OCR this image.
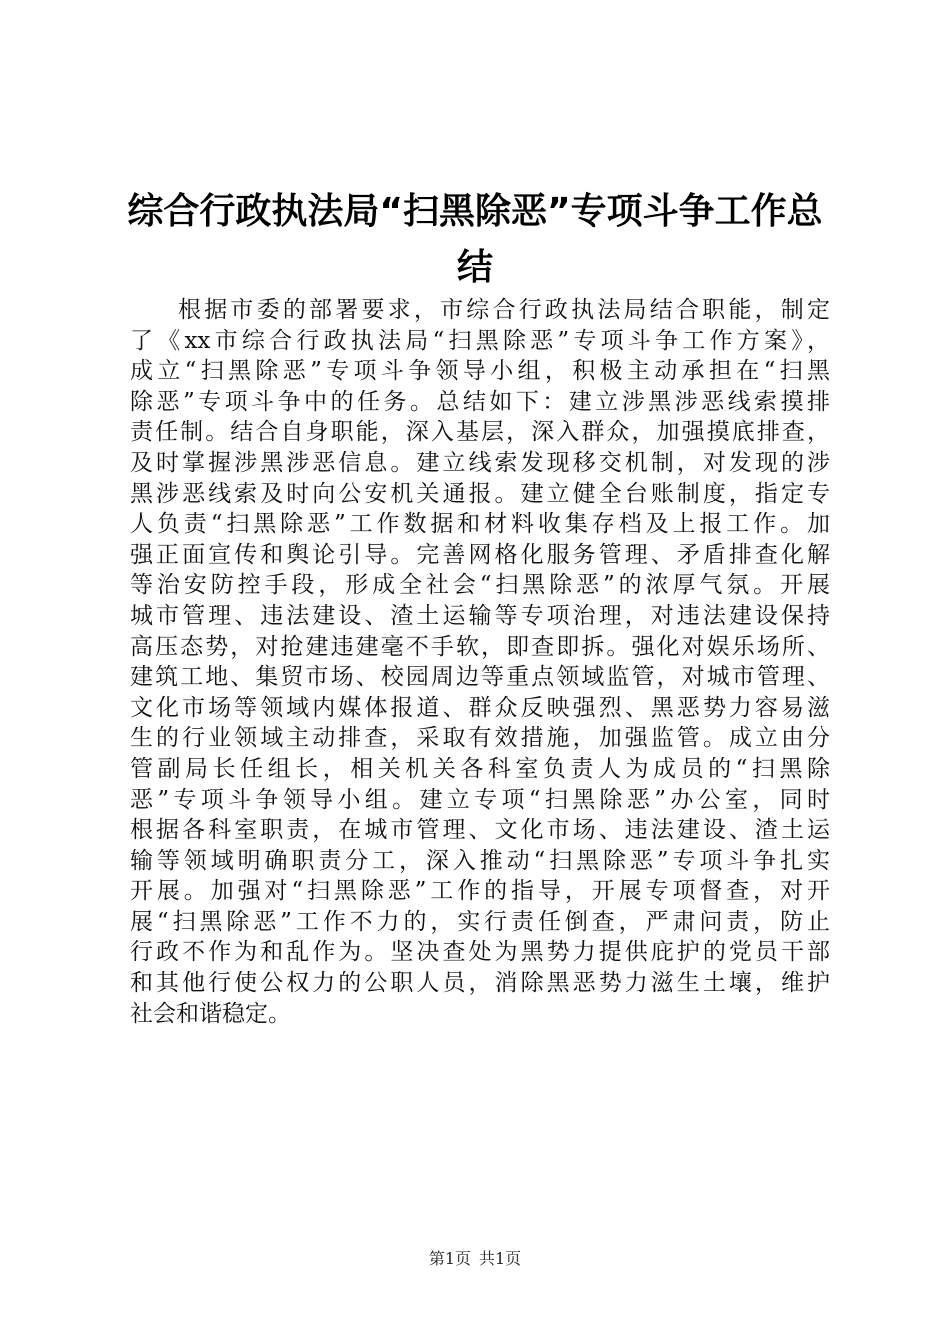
综合行政执法局“扫黑除恶”专项斗争工作总
结
根据市委的部署要求，市综合行政执法局结合职能，制定
了《xx市综合行政执法局“扫黑除恶”专项斗争工作方案》，
成立“扫黑除恶”专项斗争领导小组，积极主动承担在“扫黑
除恶”专项斗争中的任务。总结如下：建立涉黑涉恶线索摸排
责任制。结合自身职能，深入基层，深入群众，加强摸底排查，
及时掌握涉黑涉恶信息。建立线索发现移交机制，对发现的涉
黑涉恶线索及时向公安机关通报。建立健全台账制度，指定专
人负责“扫黑除恶”工作数据和材料收集存档及上报工作。加
强正面宣传和舆论引导。完善网格化服务管理、矛盾排查化解
等治安防控手段，形成全社会“扫黑除恶”的浓厚气氛。开展
城市管理、违法建设、渣土运输等专项治理，对违法建设保持
高压态势，对抢建违建毫不手软，即查即拆。强化对娱乐场所、
建筑工地、集贸市场、校园周边等重点领域监管，对城市管理、
文化市场等领域内媒体报道、群众反映强烈、黑恶势力容易滋
生的行业领域主动排查，采取有效措施，加强监管。成立由分
管副局长任组长，相关机关各科室负责人为成员的“扫黑除
恶”专项斗争领导小组。建立专项“扫黑除恶”办公室，同时
根据各科室职责，在城市管理、文化市场、违法建设、渣土运
输等领域明确职责分工，深入推动“扫黑除恶”专项斗争扎实
开展。加强对“扫黑除恶”工作的指导，开展专项督查，对开
展“扫黑除恶”工作不力的，实行责任倒查，严肃问责，防止
行政不作为和乱作为。坚决查处为黑势力提供庇护的党员干部
和其他行使公权力的公职人员，消除黑恶势力滋生土壤，维护
社会和谐稳定。
第1页 共1页
